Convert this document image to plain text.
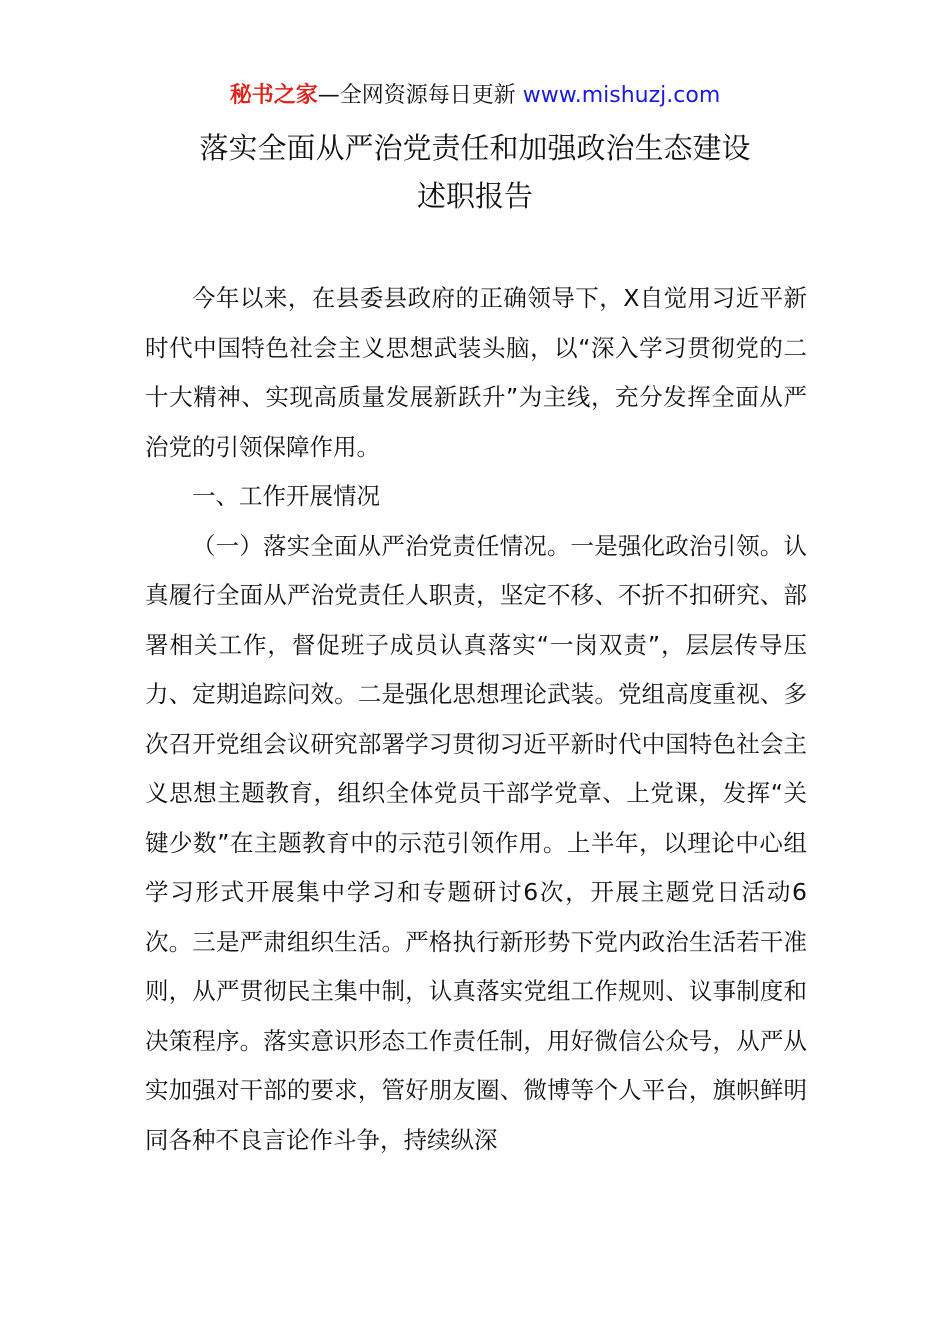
秘书之家—全网资源每日更新 www.mishuzj.com
落实全面从严治党责任和加强政治生态建设
述职报告

今年以来，在县委县政府的正确领导下，X自觉用习近平新时代中国特色社会主义思想武装头脑，以“深入学习贯彻党的二十大精神、实现高质量发展新跃升”为主线，充分发挥全面从严治党的引领保障作用。

一、工作开展情况

（一）落实全面从严治党责任情况。一是强化政治引领。认真履行全面从严治党责任人职责，坚定不移、不折不扣研究、部署相关工作，督促班子成员认真落实“一岗双责”，层层传导压力、定期追踪问效。二是强化思想理论武装。党组高度重视、多次召开党组会议研究部署学习贯彻习近平新时代中国特色社会主义思想主题教育，组织全体党员干部学党章、上党课，发挥“关键少数”在主题教育中的示范引领作用。上半年，以理论中心组学习形式开展集中学习和专题研讨6次，开展主题党日活动6次。三是严肃组织生活。严格执行新形势下党内政治生活若干准则，从严贯彻民主集中制，认真落实党组工作规则、议事制度和决策程序。落实意识形态工作责任制，用好微信公众号，从严从实加强对干部的要求，管好朋友圈、微博等个人平台，旗帜鲜明同各种不良言论作斗争，持续纵深
